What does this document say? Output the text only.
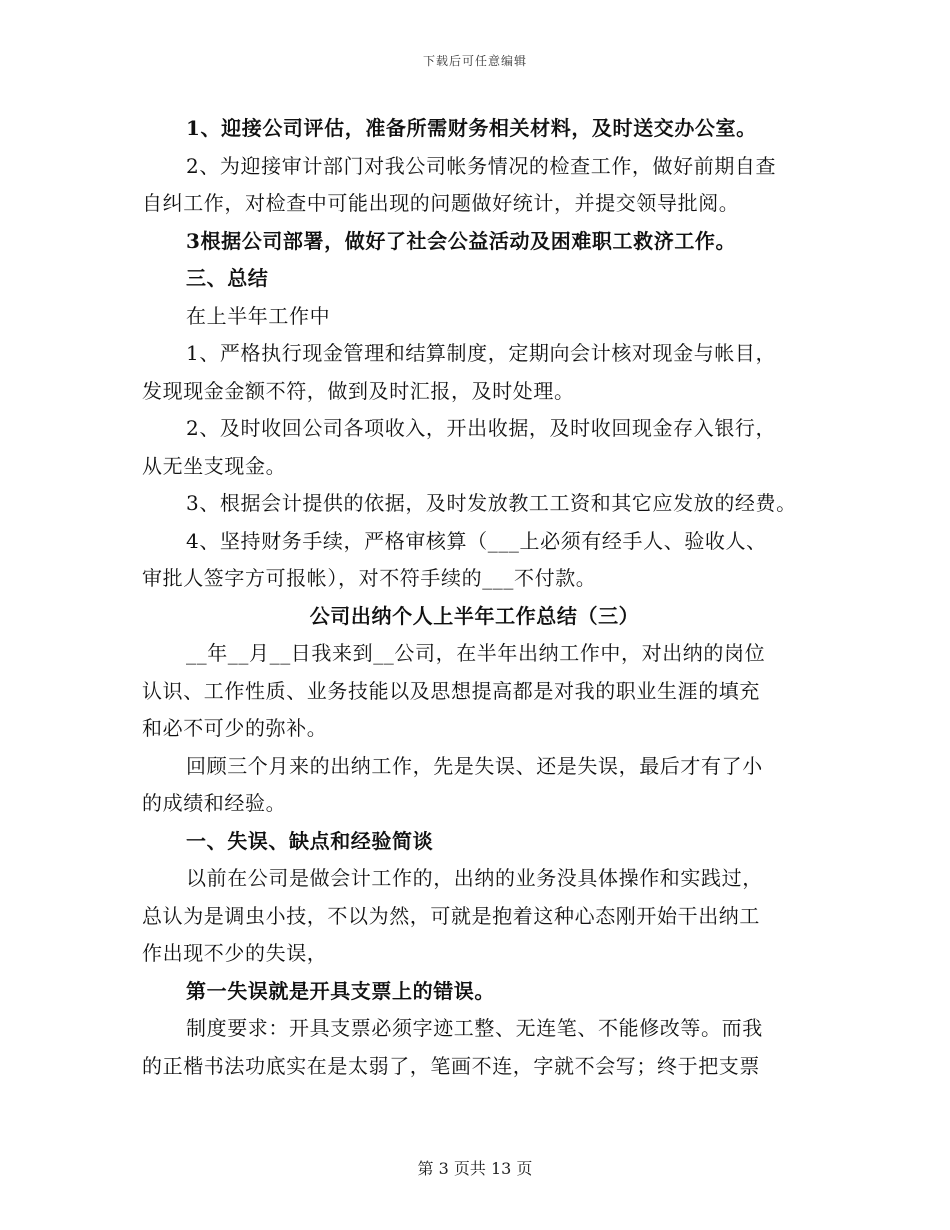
下载后可任意编辑
1、迎接公司评估，准备所需财务相关材料，及时送交办公室。
2、为迎接审计部门对我公司帐务情况的检查工作，做好前期自查
自纠工作，对检查中可能出现的问题做好统计，并提交领导批阅。
3根据公司部署，做好了社会公益活动及困难职工救济工作。
三、总结
在上半年工作中
1、严格执行现金管理和结算制度，定期向会计核对现金与帐目，
发现现金金额不符，做到及时汇报，及时处理。
2、及时收回公司各项收入，开出收据，及时收回现金存入银行，
从无坐支现金。
3、根据会计提供的依据，及时发放教工工资和其它应发放的经费。
4、坚持财务手续，严格审核算（___上必须有经手人、验收人、
审批人签字方可报帐），对不符手续的___不付款。
公司出纳个人上半年工作总结（三）
__年__月__日我来到__公司，在半年出纳工作中，对出纳的岗位
认识、工作性质、业务技能以及思想提高都是对我的职业生涯的填充
和必不可少的弥补。
回顾三个月来的出纳工作，先是失误、还是失误，最后才有了小
的成绩和经验。
一、失误、缺点和经验简谈
以前在公司是做会计工作的，出纳的业务没具体操作和实践过，
总认为是调虫小技，不以为然，可就是抱着这种心态刚开始干出纳工
作出现不少的失误，
第一失误就是开具支票上的错误。
制度要求：开具支票必须字迹工整、无连笔、不能修改等。而我
的正楷书法功底实在是太弱了，笔画不连，字就不会写；终于把支票
第 3 页共 13 页
